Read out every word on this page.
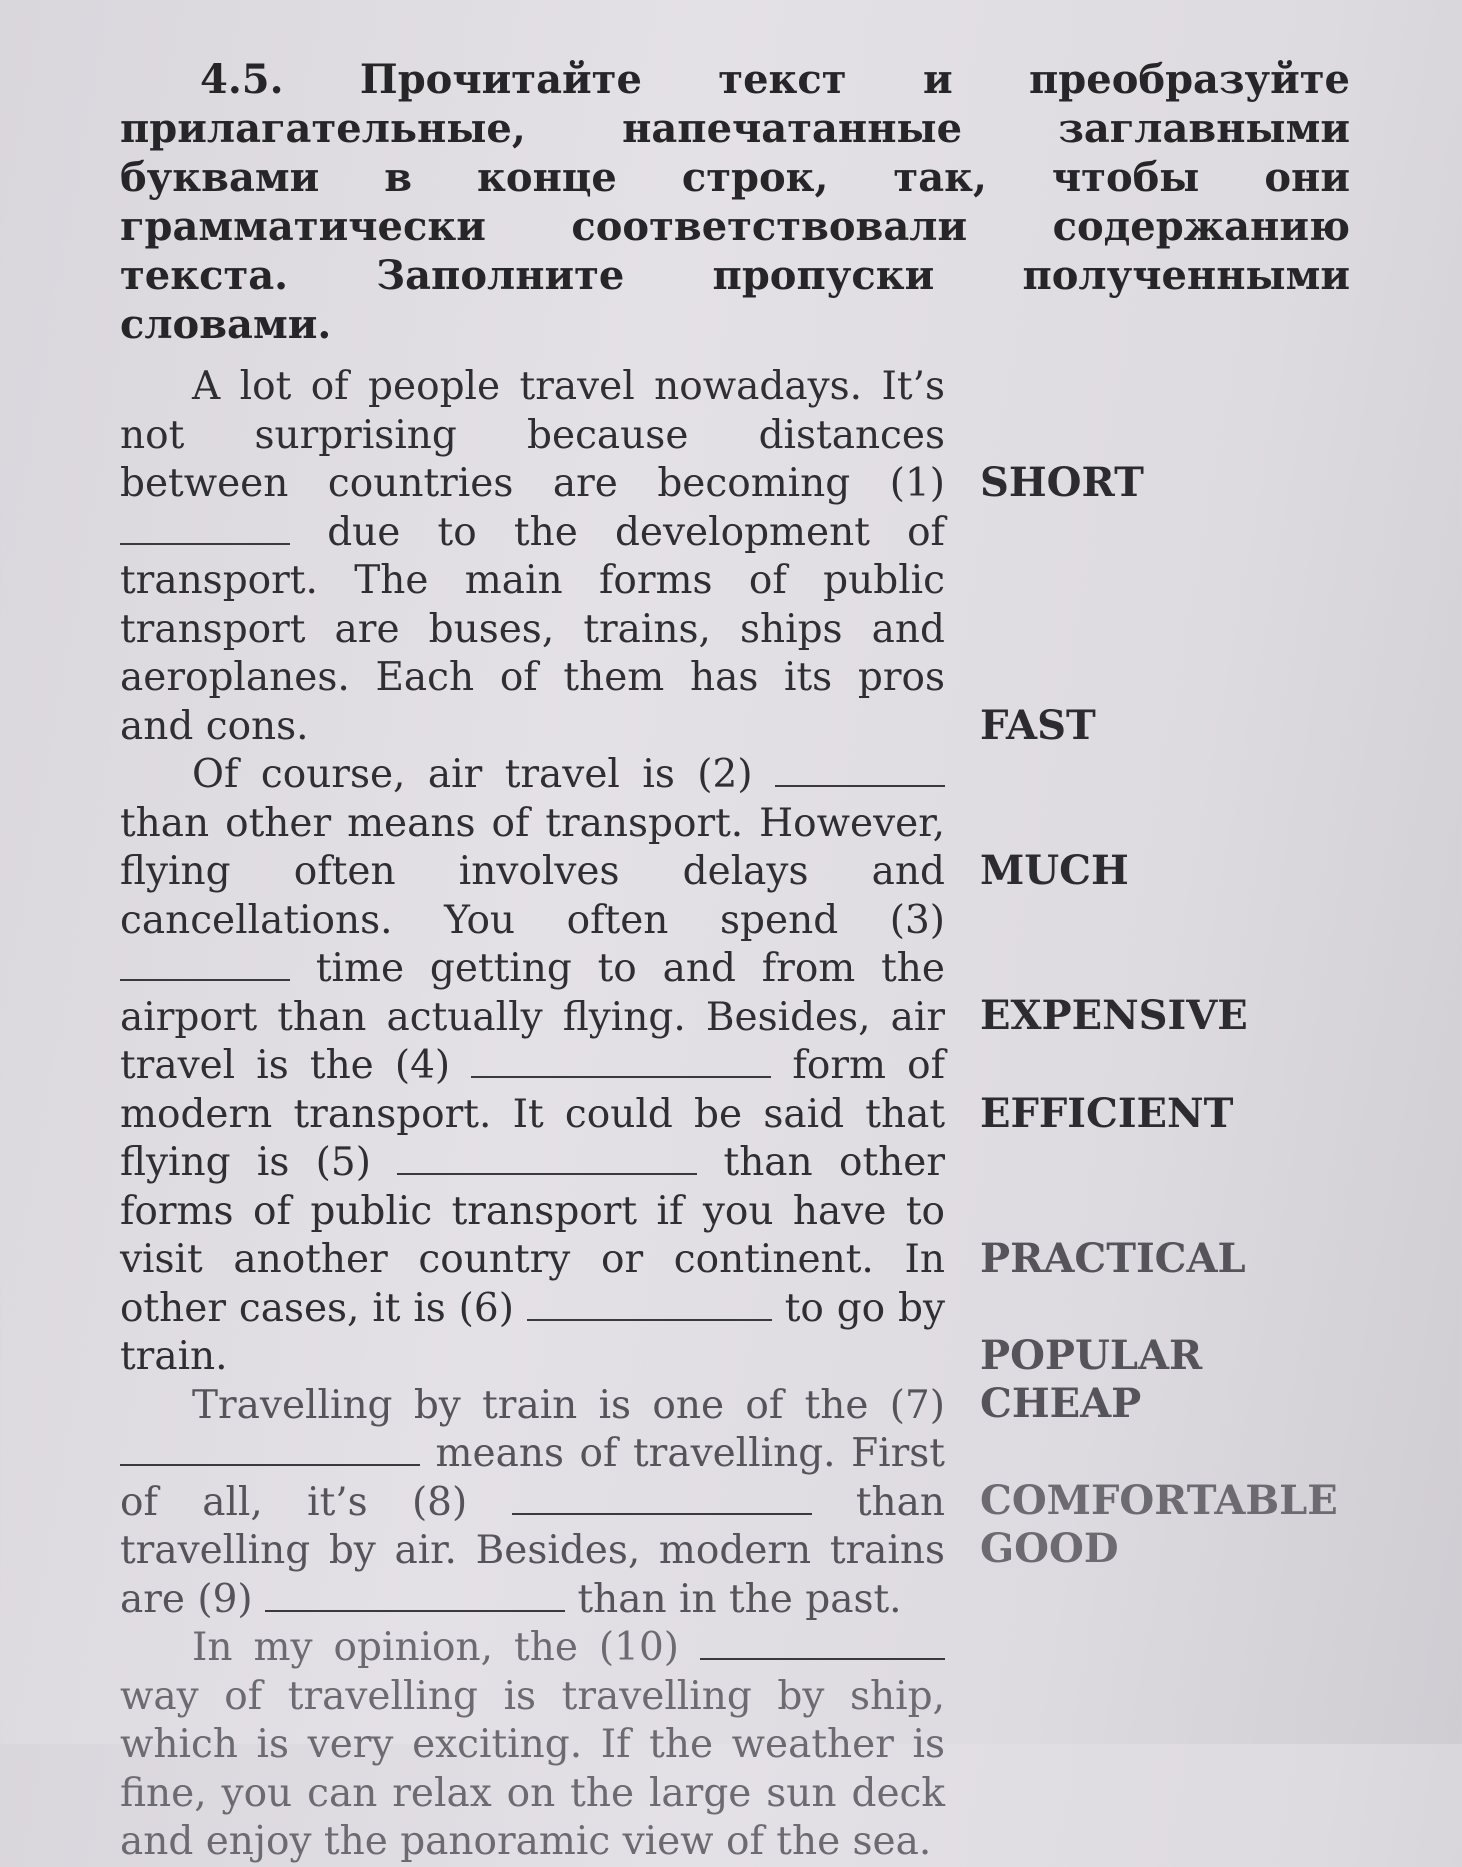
4.5. Прочитайте текст и преобразуйте прилагательные, напечатанные заглавными буквами в конце строк, так, чтобы они грамматически соответствовали содержанию текста. Заполните пропуски полученными словами.

A lot of people travel nowadays. It’s not surprising because distances between countries are becoming (1)  due to the development of transport. The main forms of public transport are buses, trains, ships and aeroplanes. Each of them has its pros and cons.

Of course, air travel is (2)  than other means of transport. However, flying often involves delays and cancellations. You often spend (3)  time getting to and from the airport than actually flying. Besides, air travel is the (4)	form of modern transport. It could be said that flying is (5)	than other forms of public transport if you have to visit another country or continent. In other cases, it is (6)	to go by train.

Travelling by train is one of the (7)  means of travelling. First of all, it’s (8)	than travelling by air. Besides, modern trains are (9)	than in the past.

In my opinion, the (10)  way of travelling is travelling by ship, which is very exciting. If the weather is fine, you can relax on the large sun deck and enjoy the panoramic view of the sea.

SHORT
FAST
MUCH
EXPENSIVE
EFFICIENT
PRACTICAL
POPULAR
CHEAP
COMFORTABLE
GOOD
